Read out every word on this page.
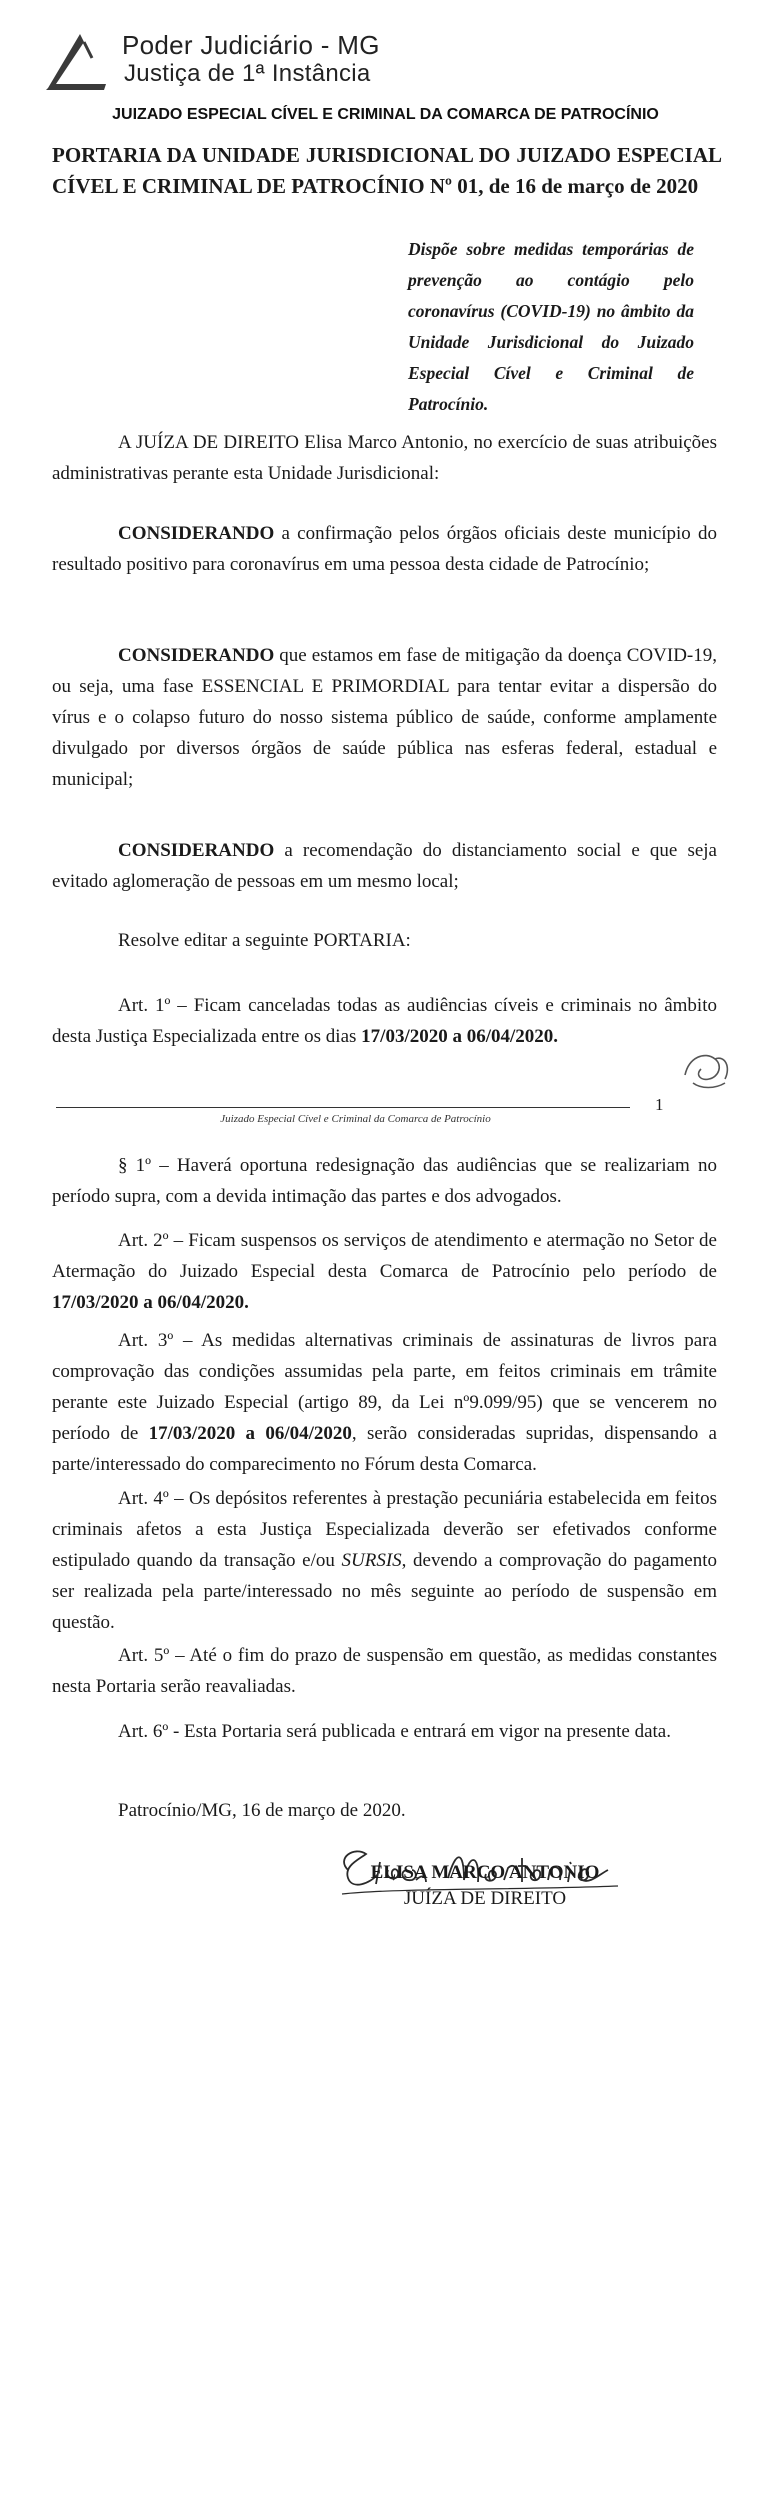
Poder Judiciário - MG
Justiça de 1ª Instância
JUIZADO ESPECIAL CÍVEL E CRIMINAL DA COMARCA DE PATROCÍNIO
PORTARIA DA UNIDADE JURISDICIONAL DO JUIZADO ESPECIAL CÍVEL E CRIMINAL DE PATROCÍNIO Nº 01, de 16 de março de 2020
Dispõe sobre medidas temporárias de prevenção ao contágio pelo coronavírus (COVID-19) no âmbito da Unidade Jurisdicional do Juizado Especial Cível e Criminal de Patrocínio.
A JUÍZA DE DIREITO Elisa Marco Antonio, no exercício de suas atribuições administrativas perante esta Unidade Jurisdicional:
CONSIDERANDO a confirmação pelos órgãos oficiais deste município do resultado positivo para coronavírus em uma pessoa desta cidade de Patrocínio;
CONSIDERANDO que estamos em fase de mitigação da doença COVID-19, ou seja, uma fase ESSENCIAL E PRIMORDIAL para tentar evitar a dispersão do vírus e o colapso futuro do nosso sistema público de saúde, conforme amplamente divulgado por diversos órgãos de saúde pública nas esferas federal, estadual e municipal;
CONSIDERANDO a recomendação do distanciamento social e que seja evitado aglomeração de pessoas em um mesmo local;
Resolve editar a seguinte PORTARIA:
Art. 1º – Ficam canceladas todas as audiências cíveis e criminais no âmbito desta Justiça Especializada entre os dias 17/03/2020 a 06/04/2020.
1
Juizado Especial Cível e Criminal da Comarca de Patrocínio
§ 1º – Haverá oportuna redesignação das audiências que se realizariam no período supra, com a devida intimação das partes e dos advogados.
Art. 2º – Ficam suspensos os serviços de atendimento e atermação no Setor de Atermação do Juizado Especial desta Comarca de Patrocínio pelo período de 17/03/2020 a 06/04/2020.
Art. 3º – As medidas alternativas criminais de assinaturas de livros para comprovação das condições assumidas pela parte, em feitos criminais em trâmite perante este Juizado Especial (artigo 89, da Lei nº9.099/95) que se vencerem no período de 17/03/2020 a 06/04/2020, serão consideradas supridas, dispensando a parte/interessado do comparecimento no Fórum desta Comarca.
Art. 4º – Os depósitos referentes à prestação pecuniária estabelecida em feitos criminais afetos a esta Justiça Especializada deverão ser efetivados conforme estipulado quando da transação e/ou SURSIS, devendo a comprovação do pagamento ser realizada pela parte/interessado no mês seguinte ao período de suspensão em questão.
Art. 5º – Até o fim do prazo de suspensão em questão, as medidas constantes nesta Portaria serão reavaliadas.
Art. 6º - Esta Portaria será publicada e entrará em vigor na presente data.
Patrocínio/MG, 16 de março de 2020.
ELISA MARCO ANTONIO
JUÍZA DE DIREITO
